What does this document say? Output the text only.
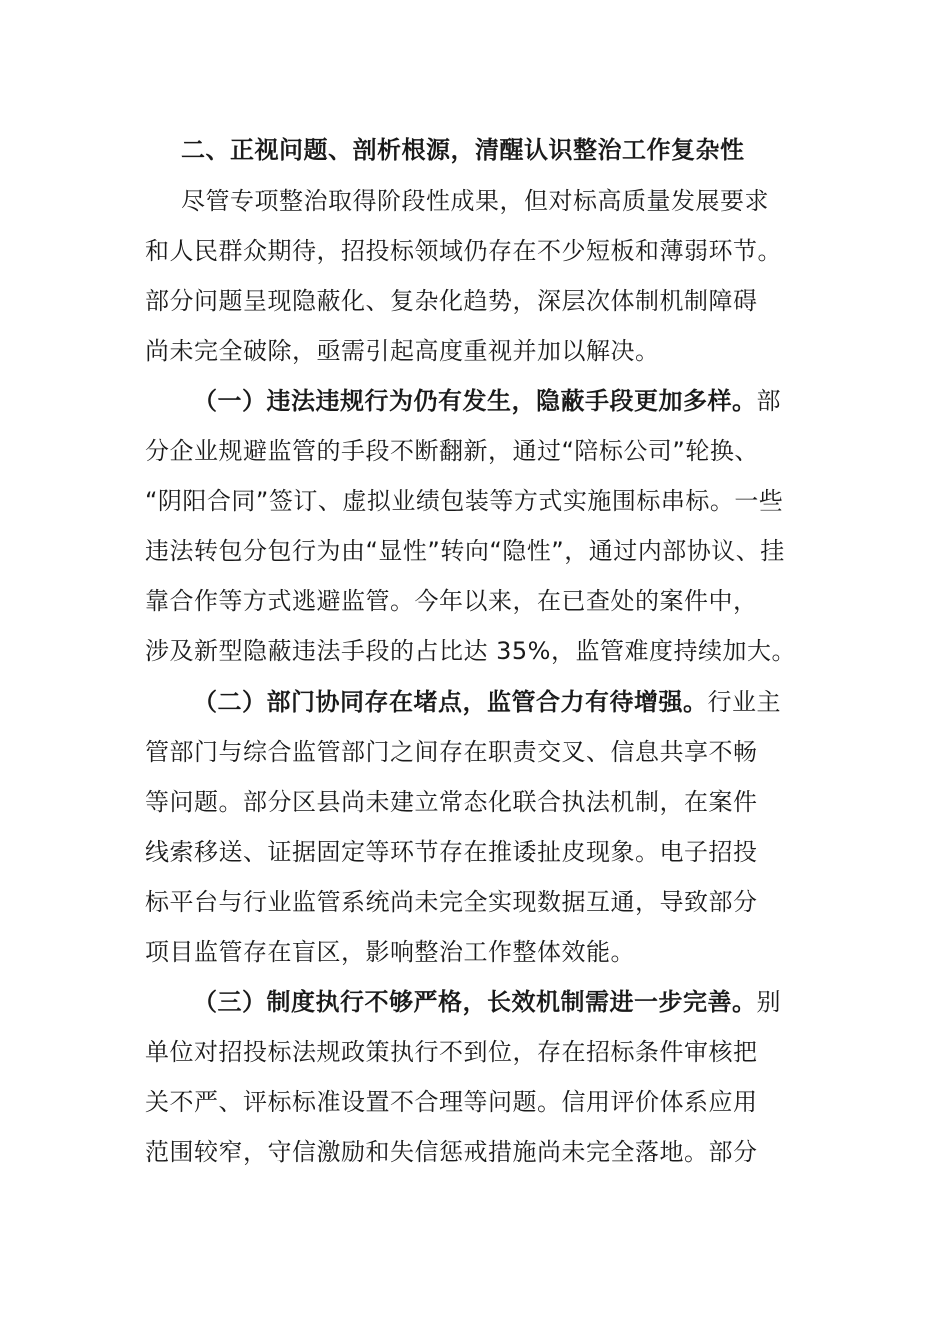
二、正视问题、剖析根源，清醒认识整治工作复杂性
尽管专项整治取得阶段性成果，但对标高质量发展要求
和人民群众期待，招投标领域仍存在不少短板和薄弱环节。
部分问题呈现隐蔽化、复杂化趋势，深层次体制机制障碍
尚未完全破除，亟需引起高度重视并加以解决。
（一）违法违规行为仍有发生，隐蔽手段更加多样。部
分企业规避监管的手段不断翻新，通过“陪标公司”轮换、
“阴阳合同”签订、虚拟业绩包装等方式实施围标串标。一些
违法转包分包行为由“显性”转向“隐性”，通过内部协议、挂
靠合作等方式逃避监管。今年以来，在已查处的案件中，
涉及新型隐蔽违法手段的占比达 35%，监管难度持续加大。
（二）部门协同存在堵点，监管合力有待增强。行业主
管部门与综合监管部门之间存在职责交叉、信息共享不畅
等问题。部分区县尚未建立常态化联合执法机制，在案件
线索移送、证据固定等环节存在推诿扯皮现象。电子招投
标平台与行业监管系统尚未完全实现数据互通，导致部分
项目监管存在盲区，影响整治工作整体效能。
（三）制度执行不够严格，长效机制需进一步完善。别
单位对招投标法规政策执行不到位，存在招标条件审核把
关不严、评标标准设置不合理等问题。信用评价体系应用
范围较窄，守信激励和失信惩戒措施尚未完全落地。部分
